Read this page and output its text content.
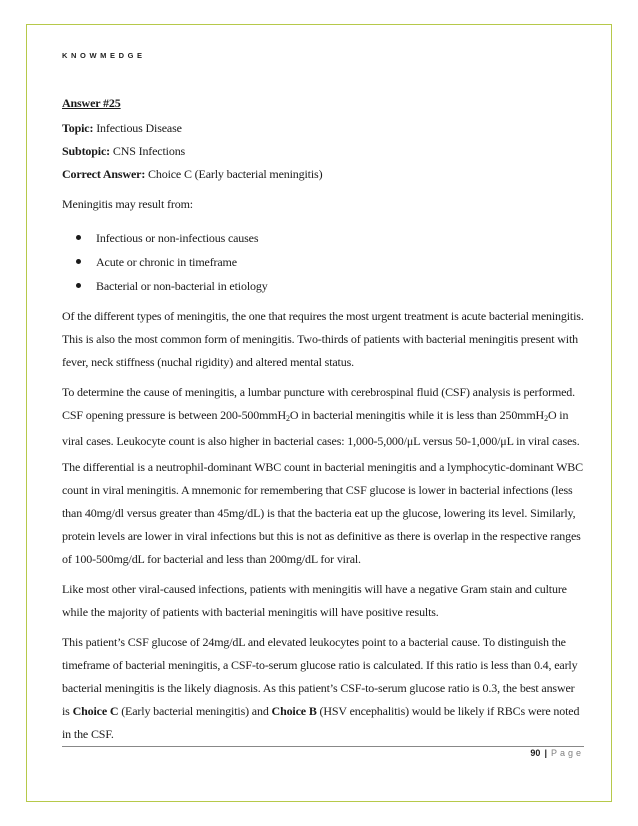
KNOWMEDGE
Answer #25
Topic: Infectious Disease
Subtopic: CNS Infections
Correct Answer: Choice C (Early bacterial meningitis)
Meningitis may result from:
Infectious or non-infectious causes
Acute or chronic in timeframe
Bacterial or non-bacterial in etiology

Of the different types of meningitis, the one that requires the most urgent treatment is acute bacterial meningitis. This is also the most common form of meningitis. Two-thirds of patients with bacterial meningitis present with fever, neck stiffness (nuchal rigidity) and altered mental status.

To determine the cause of meningitis, a lumbar puncture with cerebrospinal fluid (CSF) analysis is performed. CSF opening pressure is between 200-500mmH$_2$O in bacterial meningitis while it is less than 250mmH$_2$O in viral cases. Leukocyte count is also higher in bacterial cases: 1,000-5,000/μL versus 50-1,000/μL in viral cases.

The differential is a neutrophil-dominant WBC count in bacterial meningitis and a lymphocytic-dominant WBC count in viral meningitis. A mnemonic for remembering that CSF glucose is lower in bacterial infections (less than 40mg/dl versus greater than 45mg/dL) is that the bacteria eat up the glucose, lowering its level. Similarly, protein levels are lower in viral infections but this is not as definitive as there is overlap in the respective ranges of 100-500mg/dL for bacterial and less than 200mg/dL for viral.

Like most other viral-caused infections, patients with meningitis will have a negative Gram stain and culture while the majority of patients with bacterial meningitis will have positive results.

This patient’s CSF glucose of 24mg/dL and elevated leukocytes point to a bacterial cause. To distinguish the timeframe of bacterial meningitis, a CSF-to-serum glucose ratio is calculated. If this ratio is less than 0.4, early bacterial meningitis is the likely diagnosis. As this patient’s CSF-to-serum glucose ratio is 0.3, the best answer is Choice C (Early bacterial meningitis) and Choice B (HSV encephalitis) would be likely if RBCs were noted in the CSF.

90 | Page
